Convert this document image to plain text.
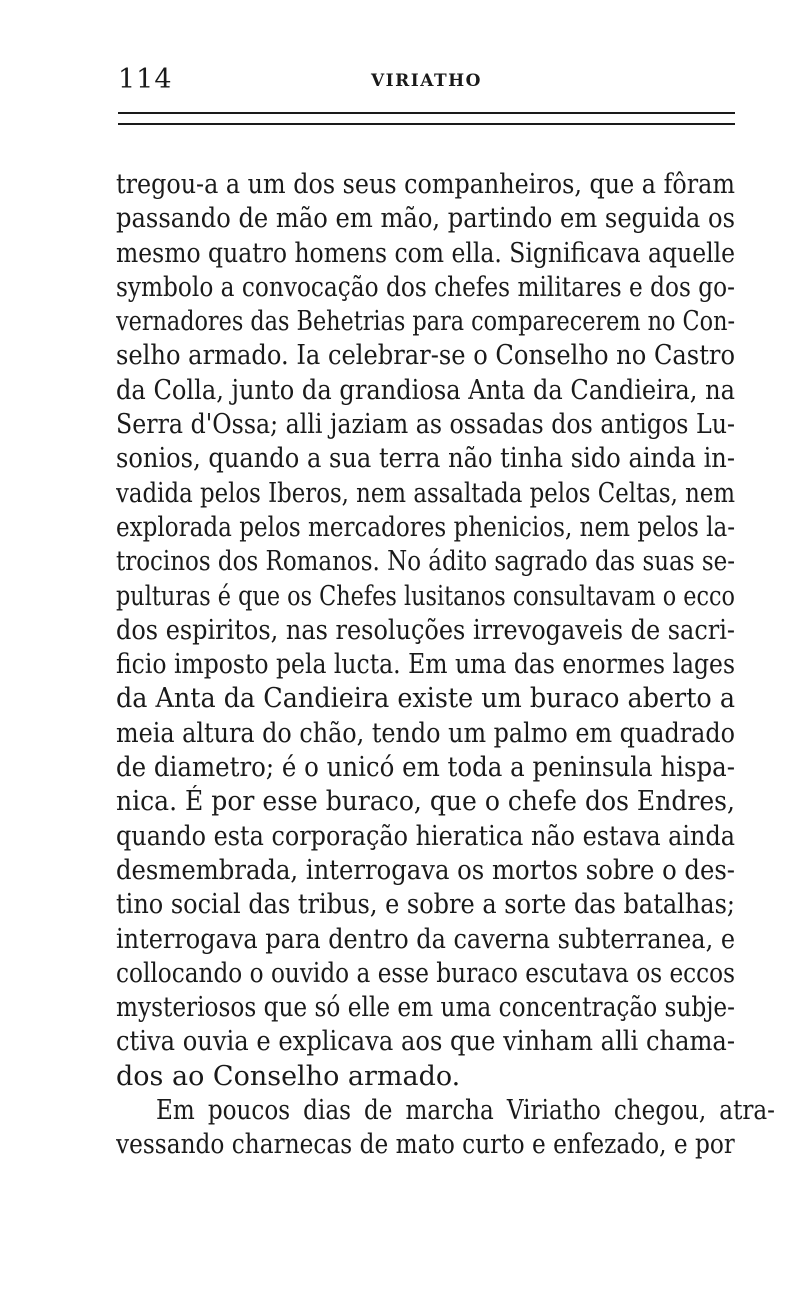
114	VIRIATHO
tregou-a a um dos seus companheiros, que a fôram
passando de mão em mão, partindo em seguida os
mesmo quatro homens com ella. Significava aquelle
symbolo a convocação dos chefes militares e dos go-
vernadores das Behetrias para comparecerem no Con-
selho armado. Ia celebrar-se o Conselho no Castro
da Colla, junto da grandiosa Anta da Candieira, na
Serra d'Ossa; alli jaziam as ossadas dos antigos Lu-
sonios, quando a sua terra não tinha sido ainda in-
vadida pelos Iberos, nem assaltada pelos Celtas, nem
explorada pelos mercadores phenicios, nem pelos la-
trocinos dos Romanos. No ádito sagrado das suas se-
pulturas é que os Chefes lusitanos consultavam o ecco
dos espiritos, nas resoluções irrevogaveis de sacri-
ficio imposto pela lucta. Em uma das enormes lages
da Anta da Candieira existe um buraco aberto a
meia altura do chão, tendo um palmo em quadrado
de diametro; é o unicó em toda a peninsula hispa-
nica. É por esse buraco, que o chefe dos Endres,
quando esta corporação hieratica não estava ainda
desmembrada, interrogava os mortos sobre o des-
tino social das tribus, e sobre a sorte das batalhas;
interrogava para dentro da caverna subterranea, e
collocando o ouvido a esse buraco escutava os eccos
mysteriosos que só elle em uma concentração subje-
ctiva ouvia e explicava aos que vinham alli chama-
dos ao Conselho armado.
Em poucos dias de marcha Viriatho chegou, atra-
vessando charnecas de mato curto e enfezado, e por
